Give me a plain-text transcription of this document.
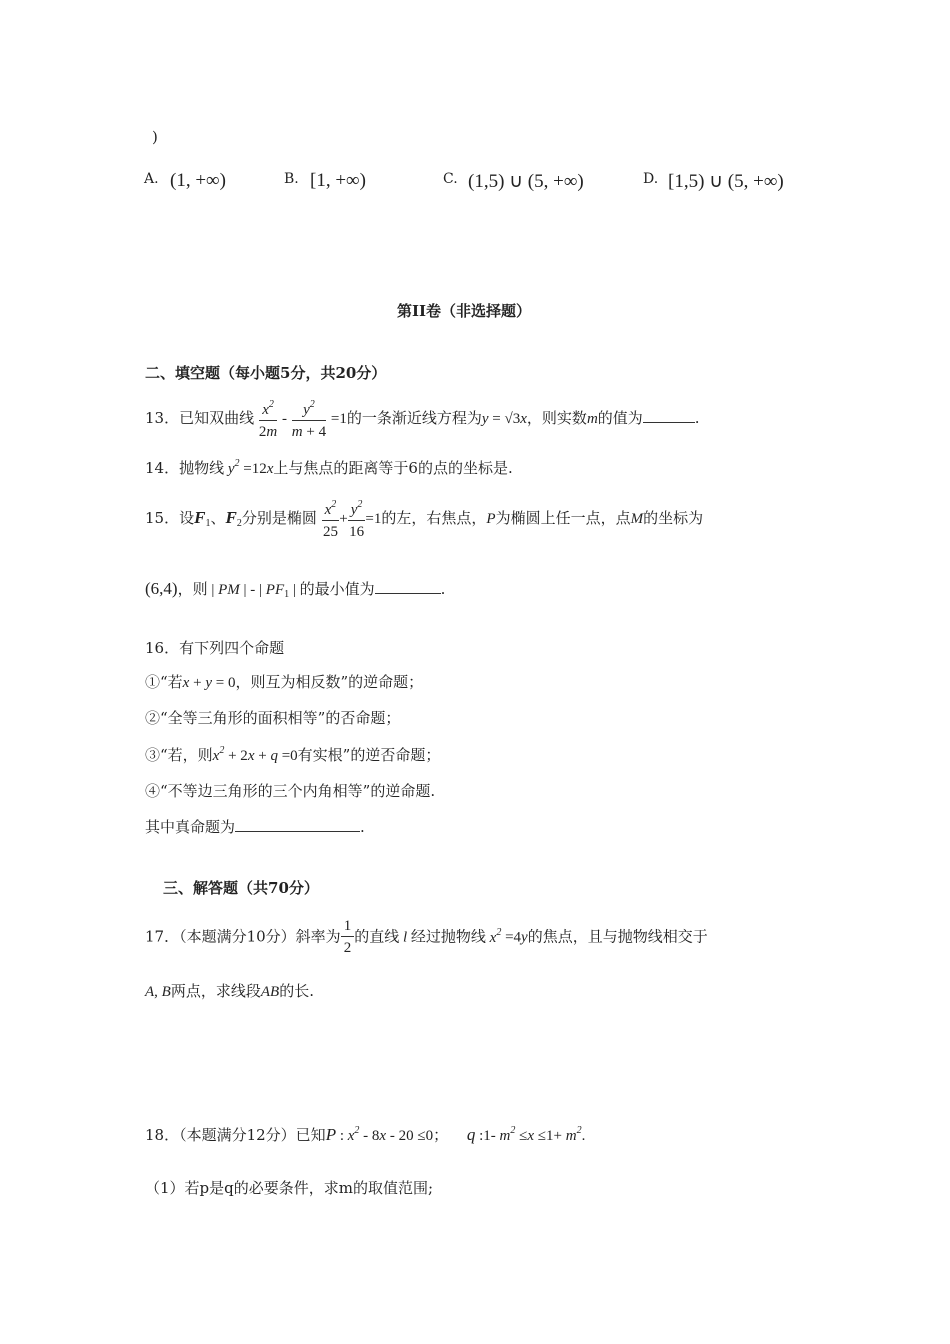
)
A. (1, +∞)	B. [1, +∞)	C. (1,5) ∪ (5, +∞)	D. [1,5) ∪ (5, +∞)
第II卷（非选择题）
二、填空题（每小题5分，共20分）
13．已知双曲线 $\frac{x^2}{2m} - \frac{y^2}{m + 4} =1$的一条渐近线方程为y = √3x，则实数m的值为	.
14．抛物线 $y^2 =12x$上与焦点的距离等于6的点的坐标是.
15．设$F_1$、$F_2$分别是椭圆 $\frac{x^2}{25} + \frac{y^2}{16} =1$的左，右焦点，P为椭圆上任一点，点M的坐标为
(6,4)，则 | PM | - | $PF_1$ | 的最小值为	.
16．有下列四个命题
①“若x + y = 0，则互为相反数”的逆命题；
②“全等三角形的面积相等”的否命题；
③“若，则$x^2 + 2x + q =0$有实根”的逆否命题；
④“不等边三角形的三个内角相等”的逆命题.
其中真命题为	.
三、解答题（共70分）
17．（本题满分10分）斜率为 $\frac{1}{2}$ 的直线 l 经过抛物线 $x^2 =4y$的焦点，且与抛物线相交于
A, B两点，求线段AB的长.
18．（本题满分12分）已知P : $x^2 - 8x - 20 \le 0$； q :1- $m^2 \le x \le 1+ m^2$.
（1）若p是q的必要条件，求m的取值范围;
